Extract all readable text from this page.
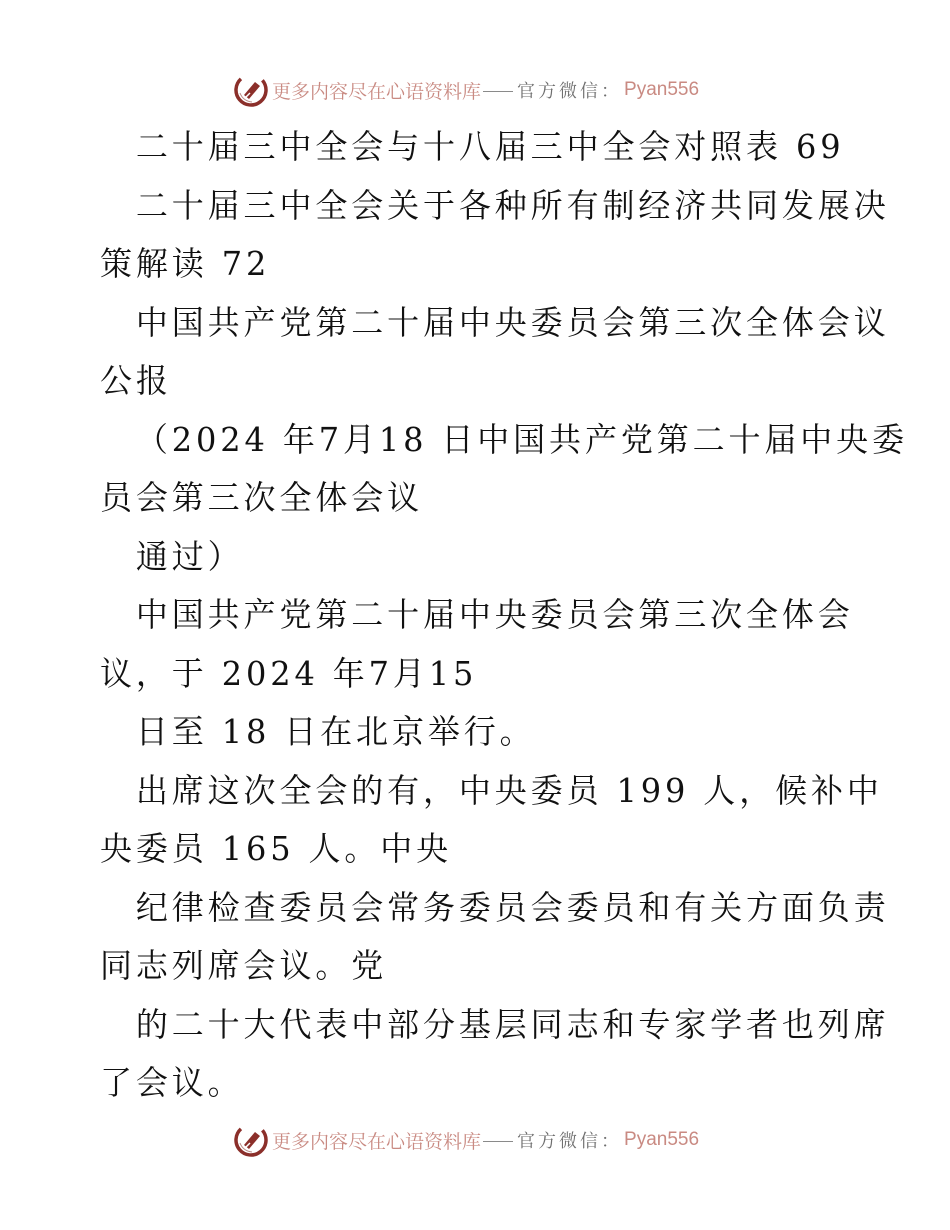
更多内容尽在心语资料库 官方微信： Pyan556
二十届三中全会与十八届三中全会对照表 69
二十届三中全会关于各种所有制经济共同发展决
策解读 72
中国共产党第二十届中央委员会第三次全体会议
公报
（2024 年7月18 日中国共产党第二十届中央委
员会第三次全体会议
通过）
中国共产党第二十届中央委员会第三次全体会
议，于 2024 年7月15
日至 18 日在北京举行。
出席这次全会的有，中央委员 199 人，候补中
央委员 165 人。中央
纪律检查委员会常务委员会委员和有关方面负责
同志列席会议。党
的二十大代表中部分基层同志和专家学者也列席
了会议。
更多内容尽在心语资料库 官方微信： Pyan556
